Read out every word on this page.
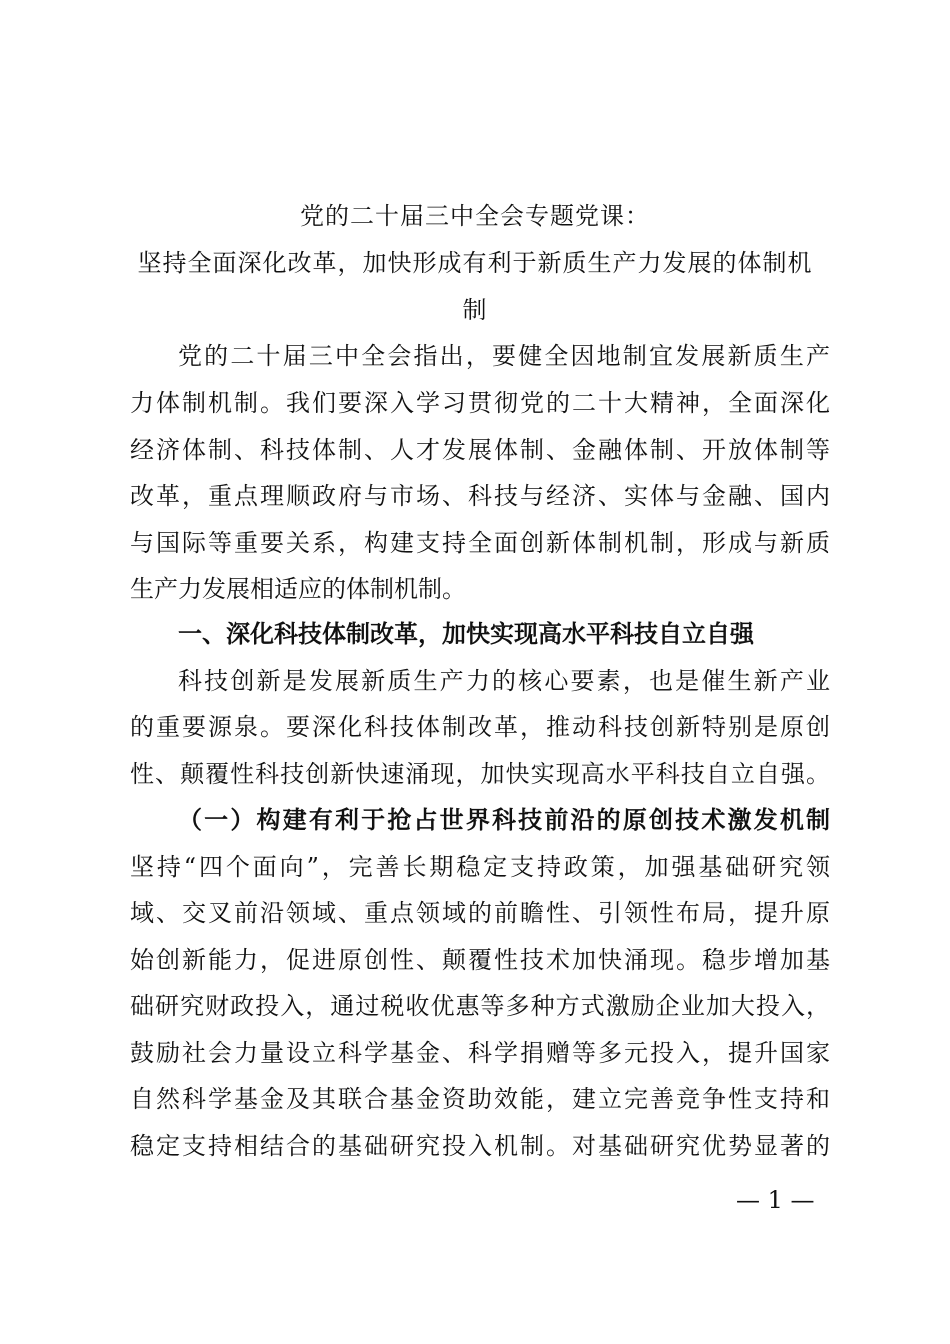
党的二十届三中全会专题党课：
坚持全面深化改革，加快形成有利于新质生产力发展的体制机
制
党的二十届三中全会指出，要健全因地制宜发展新质生产
力体制机制。我们要深入学习贯彻党的二十大精神，全面深化
经济体制、科技体制、人才发展体制、金融体制、开放体制等
改革，重点理顺政府与市场、科技与经济、实体与金融、国内
与国际等重要关系，构建支持全面创新体制机制，形成与新质
生产力发展相适应的体制机制。
一、深化科技体制改革，加快实现高水平科技自立自强
科技创新是发展新质生产力的核心要素，也是催生新产业
的重要源泉。要深化科技体制改革，推动科技创新特别是原创
性、颠覆性科技创新快速涌现，加快实现高水平科技自立自强。
（一）构建有利于抢占世界科技前沿的原创技术激发机制
坚持“四个面向”，完善长期稳定支持政策，加强基础研究领
域、交叉前沿领域、重点领域的前瞻性、引领性布局，提升原
始创新能力，促进原创性、颠覆性技术加快涌现。稳步增加基
础研究财政投入，通过税收优惠等多种方式激励企业加大投入，
鼓励社会力量设立科学基金、科学捐赠等多元投入，提升国家
自然科学基金及其联合基金资助效能，建立完善竞争性支持和
稳定支持相结合的基础研究投入机制。对基础研究优势显著的
— 1 —
